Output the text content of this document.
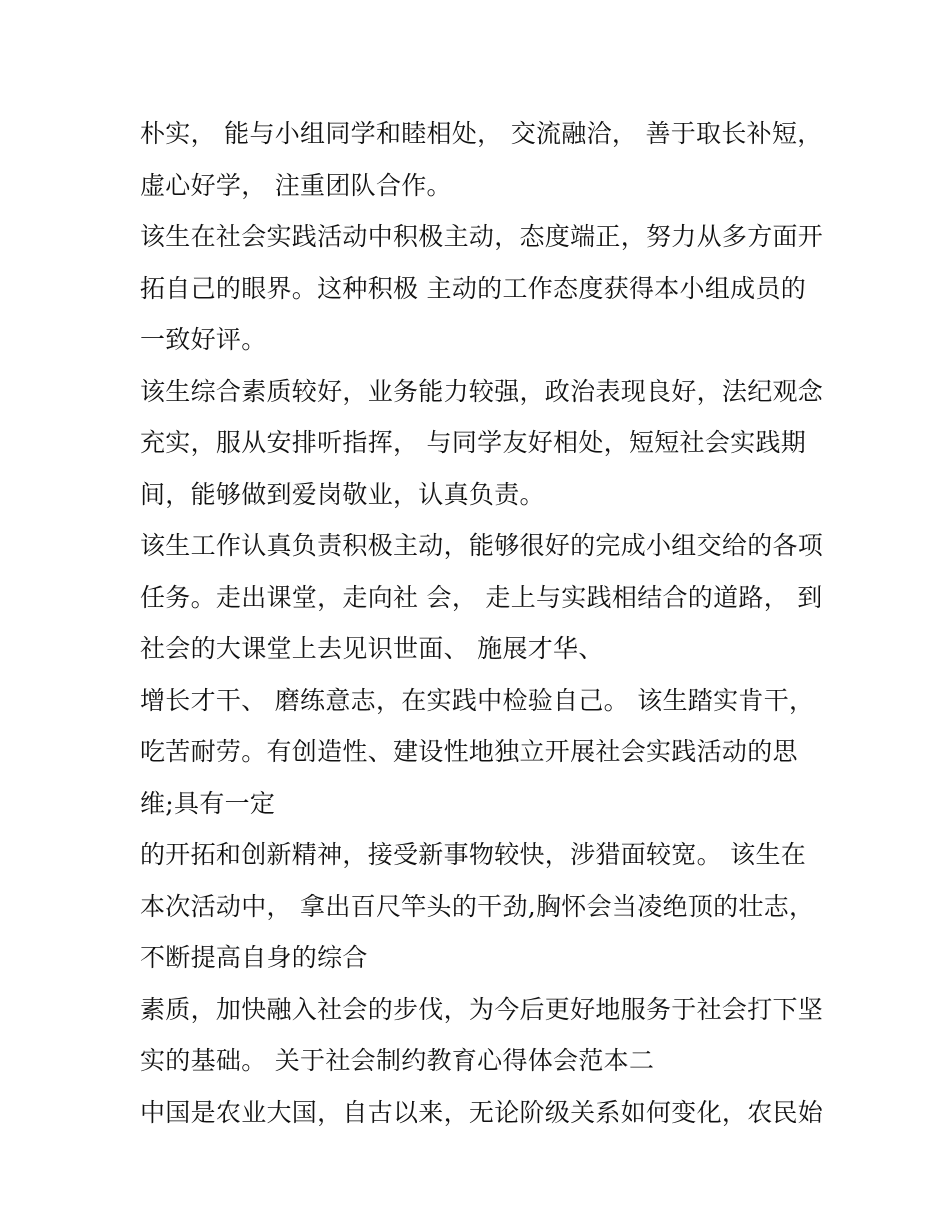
朴实， 能与小组同学和睦相处， 交流融洽， 善于取长补短，
虚心好学， 注重团队合作。
该生在社会实践活动中积极主动，态度端正，努力从多方面开
拓自己的眼界。这种积极 主动的工作态度获得本小组成员的
一致好评。
该生综合素质较好，业务能力较强，政治表现良好，法纪观念
充实，服从安排听指挥， 与同学友好相处，短短社会实践期
间，能够做到爱岗敬业，认真负责。
该生工作认真负责积极主动，能够很好的完成小组交给的各项
任务。走出课堂，走向社 会， 走上与实践相结合的道路， 到
社会的大课堂上去见识世面、 施展才华、
增长才干、 磨练意志，在实践中检验自己。 该生踏实肯干，
吃苦耐劳。有创造性、建设性地独立开展社会实践活动的思
维;具有一定
的开拓和创新精神，接受新事物较快，涉猎面较宽。 该生在
本次活动中， 拿出百尺竿头的干劲,胸怀会当凌绝顶的壮志，
不断提高自身的综合
素质，加快融入社会的步伐，为今后更好地服务于社会打下坚
实的基础。 关于社会制约教育心得体会范本二
中国是农业大国，自古以来，无论阶级关系如何变化，农民始
